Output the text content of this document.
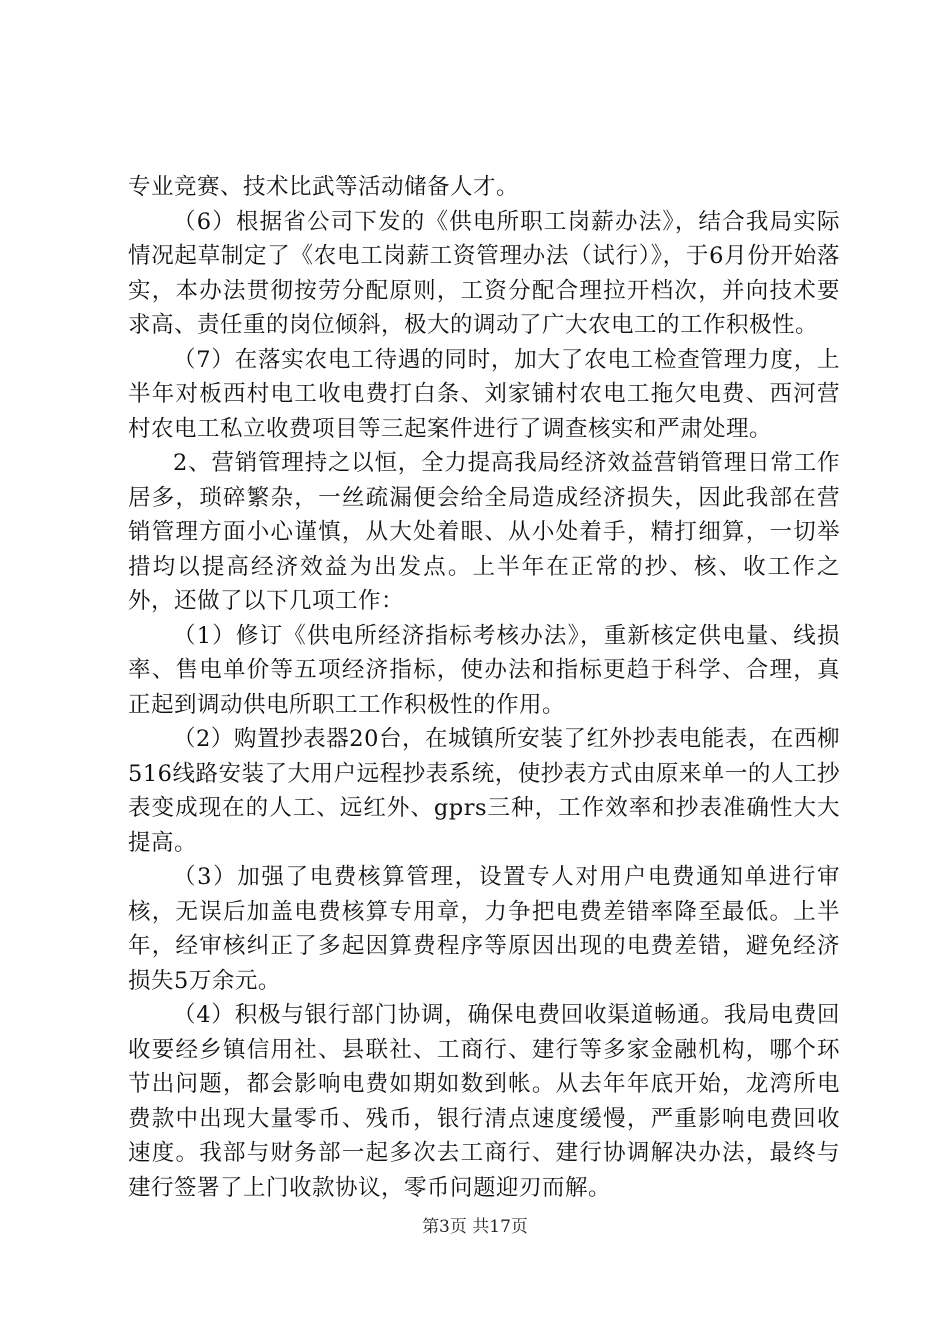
专业竞赛、技术比武等活动储备人才。

（6）根据省公司下发的《供电所职工岗薪办法》，结合我局实际情况起草制定了《农电工岗薪工资管理办法（试行）》，于6月份开始落实，本办法贯彻按劳分配原则，工资分配合理拉开档次，并向技术要求高、责任重的岗位倾斜，极大的调动了广大农电工的工作积极性。

（7）在落实农电工待遇的同时，加大了农电工检查管理力度，上半年对板西村电工收电费打白条、刘家铺村农电工拖欠电费、西河营村农电工私立收费项目等三起案件进行了调查核实和严肃处理。

2、营销管理持之以恒，全力提高我局经济效益营销管理日常工作居多，琐碎繁杂，一丝疏漏便会给全局造成经济损失，因此我部在营销管理方面小心谨慎，从大处着眼、从小处着手，精打细算，一切举措均以提高经济效益为出发点。上半年在正常的抄、核、收工作之外，还做了以下几项工作：

（1）修订《供电所经济指标考核办法》，重新核定供电量、线损率、售电单价等五项经济指标，使办法和指标更趋于科学、合理，真正起到调动供电所职工工作积极性的作用。

（2）购置抄表器20台，在城镇所安装了红外抄表电能表，在西柳516线路安装了大用户远程抄表系统，使抄表方式由原来单一的人工抄表变成现在的人工、远红外、gprs三种，工作效率和抄表准确性大大提高。

（3）加强了电费核算管理，设置专人对用户电费通知单进行审核，无误后加盖电费核算专用章，力争把电费差错率降至最低。上半年，经审核纠正了多起因算费程序等原因出现的电费差错，避免经济损失5万余元。

（4）积极与银行部门协调，确保电费回收渠道畅通。我局电费回收要经乡镇信用社、县联社、工商行、建行等多家金融机构，哪个环节出问题，都会影响电费如期如数到帐。从去年年底开始，龙湾所电费款中出现大量零币、残币，银行清点速度缓慢，严重影响电费回收速度。我部与财务部一起多次去工商行、建行协调解决办法，最终与建行签署了上门收款协议，零币问题迎刃而解。

第3页 共17页
